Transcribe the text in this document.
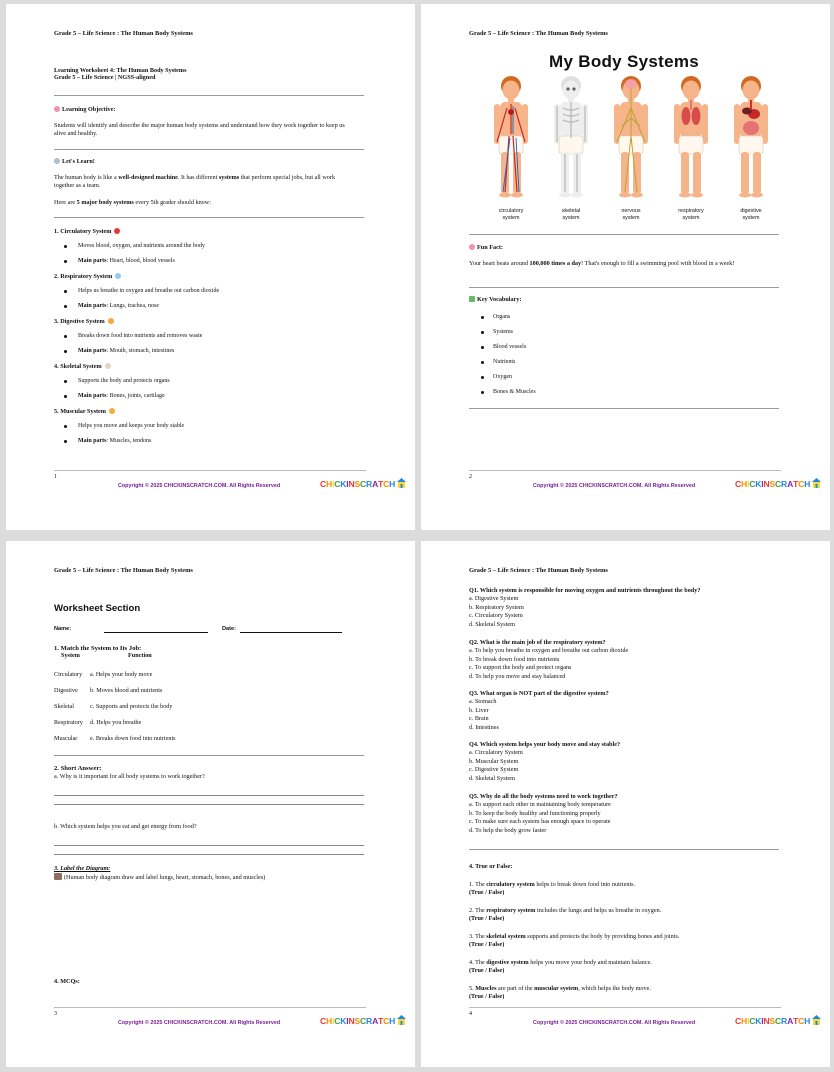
Grade 5 – Life Science : The Human Body Systems
Learning Worksheet 4: The Human Body Systems
Grade 5 – Life Science | NGSS-aligned
Learning Objective:
Students will identify and describe the major human body systems and understand how they work together to keep us alive and healthy.
Let's Learn!
The human body is like a well-designed machine. It has different systems that perform special jobs, but all work together as a team.
Here are 5 major body systems every 5th grader should know:
1. Circulatory System
Moves blood, oxygen, and nutrients around the body
Main parts: Heart, blood, blood vessels
2. Respiratory System
Helps us breathe in oxygen and breathe out carbon dioxide
Main parts: Lungs, trachea, nose
3. Digestive System
Breaks down food into nutrients and removes waste
Main parts: Mouth, stomach, intestines
4. Skeletal System
Supports the body and protects organs
Main parts: Bones, joints, cartilage
5. Muscular System
Helps you move and keeps your body stable
Main parts: Muscles, tendons
1
Copyright © 2025 CHICKINSCRATCH.COM. All Rights Reserved	CHICKINSCRATCH
Grade 5 – Life Science : The Human Body Systems
My Body Systems
circulatory
system
skeletal
system
nervous
system
respiratory
system
digestive
system
Fun Fact:
Your heart beats around 100,000 times a day! That's enough to fill a swimming pool with blood in a week!
Key Vocabulary:
Organs
Systems
Blood vessels
Nutrients
Oxygen
Bones & Muscles
2
Copyright © 2025 CHICKINSCRATCH.COM. All Rights Reserved	CHICKINSCRATCH
Grade 5 – Life Science : The Human Body Systems
Worksheet Section
Name:	Date:
1. Match the System to Its Job:
System	Function
Circulatory a. Helps your body move
Digestive b. Moves blood and nutrients
Skeletal	c. Supports and protects the body
Respiratory d. Helps you breathe
Muscular e. Breaks down food into nutrients
2. Short Answer:
a. Why is it important for all body systems to work together?
b. Which system helps you eat and get energy from food?
3. Label the Diagram:
(Human body diagram draw and label lungs, heart, stomach, bones, and muscles)
4. MCQs:
3
Copyright © 2025 CHICKINSCRATCH.COM. All Rights Reserved	CHICKINSCRATCH
Grade 5 – Life Science : The Human Body Systems
Q1. Which system is responsible for moving oxygen and nutrients throughout the body?
a. Digestive System
b. Respiratory System
c. Circulatory System
d. Skeletal System
Q2. What is the main job of the respiratory system?
a. To help you breathe in oxygen and breathe out carbon dioxide
b. To break down food into nutrients
c. To support the body and protect organs
d. To help you move and stay balanced
Q3. What organ is NOT part of the digestive system?
a. Stomach
b. Liver
c. Brain
d. Intestines
Q4. Which system helps your body move and stay stable?
a. Circulatory System
b. Muscular System
c. Digestive System
d. Skeletal System
Q5. Why do all the body systems need to work together?
a. To support each other in maintaining body temperature
b. To keep the body healthy and functioning properly
c. To make sure each system has enough space to operate
d. To help the body grow faster
4. True or False:
1. The circulatory system helps to break down food into nutrients.
(True / False)
2. The respiratory system includes the lungs and helps us breathe in oxygen.
(True / False)
3. The skeletal system supports and protects the body by providing bones and joints.
(True / False)
4. The digestive system helps you move your body and maintain balance.
(True / False)
5. Muscles are part of the muscular system, which helps the body move.
(True / False)
4
Copyright © 2025 CHICKINSCRATCH.COM. All Rights Reserved	CHICKINSCRATCH
